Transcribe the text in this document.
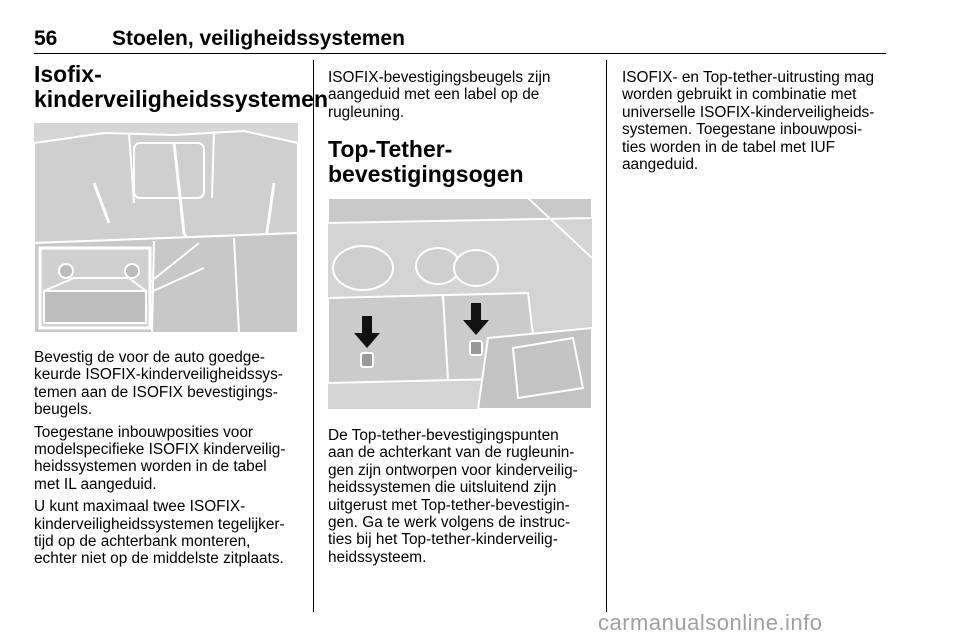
56	Stoelen, veiligheidssystemen
Isofix-
kinderveiligheidssystemen

Bevestig de voor de auto goedge-
keurde ISOFIX-kinderveiligheidssys-
temen aan de ISOFIX bevestigings-
beugels.

Toegestane inbouwposities voor
modelspecifieke ISOFIX kinderveilig-
heidssystemen worden in de tabel
met IL aangeduid.

U kunt maximaal twee ISOFIX-
kinderveiligheidssystemen tegelijker-
tijd op de achterbank monteren,
echter niet op de middelste zitplaats.

ISOFIX-bevestigingsbeugels zijn
aangeduid met een label op de
rugleuning.

Top-Tether-
bevestigingsogen

De Top-tether-bevestigingspunten
aan de achterkant van de rugleunin-
gen zijn ontworpen voor kinderveilig-
heidssystemen die uitsluitend zijn
uitgerust met Top-tether-bevestigin-
gen. Ga te werk volgens de instruc-
ties bij het Top-tether-kinderveilig-
heidssysteem.

ISOFIX- en Top-tether-uitrusting mag
worden gebruikt in combinatie met
universelle ISOFIX-kinderveiligheids-
systemen. Toegestane inbouwposi-
ties worden in de tabel met IUF
aangeduid.

carmanualsonline.info
